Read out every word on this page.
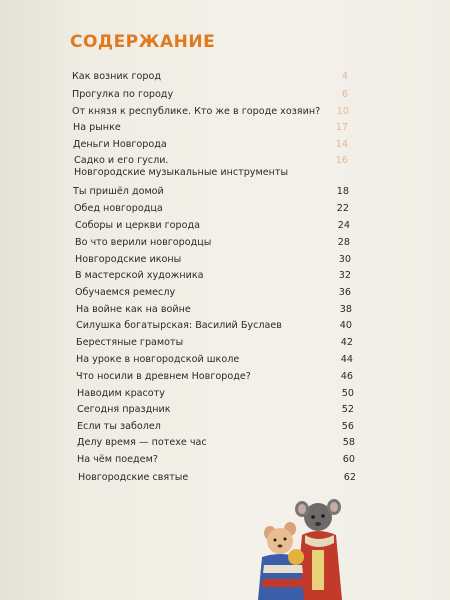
СОДЕРЖАНИЕ
Как возник город	4
Прогулка по городу	6
От князя к республике. Кто же в городе хозяин?	10
На рынке	17
Деньги Новгорода	14
Садко и его гусли.
Новгородские музыкальные инструменты
16
Ты пришёл домой	18
Обед новгородца	22
Соборы и церкви города	24
Во что верили новгородцы	28
Новгородские иконы	30
В мастерской художника	32
Обучаемся ремеслу	36
На войне как на войне	38
Силушка богатырская: Василий Буслаев	40
Берестяные грамоты	42
На уроке в новгородской школе	44
Что носили в древнем Новгороде?	46
Наводим красоту	50
Сегодня праздник	52
Если ты заболел	56
Делу время — потехе час	58
На чём поедем?	60
Новгородские святые	62
